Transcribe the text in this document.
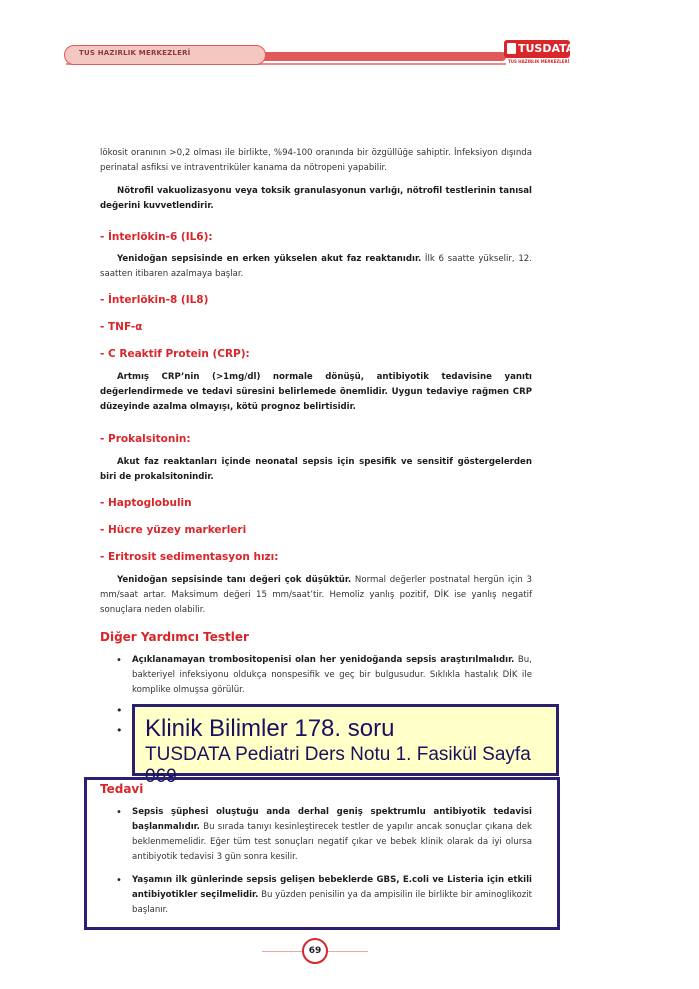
TUS HAZIRLIK MERKEZLERİ	TUSDATA
TUS HAZIRLIK MERKEZLERİ
lökosit oranının >0,2 olması ile birlikte, %94-100 oranında bir özgüllüğe sahiptir. İnfeksiyon dışında perinatal asfiksi ve intraventriküler kanama da nötropeni yapabilir.
Nötrofil vakuolizasyonu veya toksik granulasyonun varlığı, nötrofil testlerinin tanısal değerini kuvvetlendirir.
- İnterlökin-6 (IL6):
Yenidoğan sepsisinde en erken yükselen akut faz reaktanıdır. İlk 6 saatte yükselir, 12. saatten itibaren azalmaya başlar.
- İnterlökin-8 (IL8)
- TNF-α
- C Reaktif Protein (CRP):
Artmış CRP’nin (>1mg/dl) normale dönüşü, antibiyotik tedavisine yanıtı değerlendirmede ve tedavi süresini belirlemede önemlidir. Uygun tedaviye rağmen CRP düzeyinde azalma olmayışı, kötü prognoz belirtisidir.
- Prokalsitonin:
Akut faz reaktanları içinde neonatal sepsis için spesifik ve sensitif göstergelerden biri de prokalsitonindir.
- Haptoglobulin
- Hücre yüzey markerleri
- Eritrosit sedimentasyon hızı:
Yenidoğan sepsisinde tanı değeri çok düşüktür. Normal değerler postnatal hergün için 3 mm/saat artar. Maksimum değeri 15 mm/saat’tir. Hemoliz yanlış pozitif, DİK ise yanlış negatif sonuçlara neden olabilir.
Diğer Yardımcı Testler
• Açıklanamayan trombositopenisi olan her yenidoğanda sepsis araştırılmalıdır. Bu, bakteriyel infeksiyonu oldukça nonspesifik ve geç bir bulgusudur. Sıklıkla hastalık DİK ile komplike olmuşsa görülür.
•
•
Tedavi
• Sepsis şüphesi oluştuğu anda derhal geniş spektrumlu antibiyotik tedavisi başlanmalıdır. Bu sırada tanıyı kesinleştirecek testler de yapılır ancak sonuçlar çıkana dek beklenmemelidir. Eğer tüm test sonuçları negatif çıkar ve bebek klinik olarak da iyi olursa antibiyotik tedavisi 3 gün sonra kesilir.
• Yaşamın ilk günlerinde sepsis gelişen bebeklerde GBS, E.coli ve Listeria için etkili antibiyotikler seçilmelidir. Bu yüzden penisilin ya da ampisilin ile birlikte bir aminoglikozit başlanır.
Klinik Bilimler 178. soru
TUSDATA Pediatri Ders Notu 1. Fasikül Sayfa 069
69
